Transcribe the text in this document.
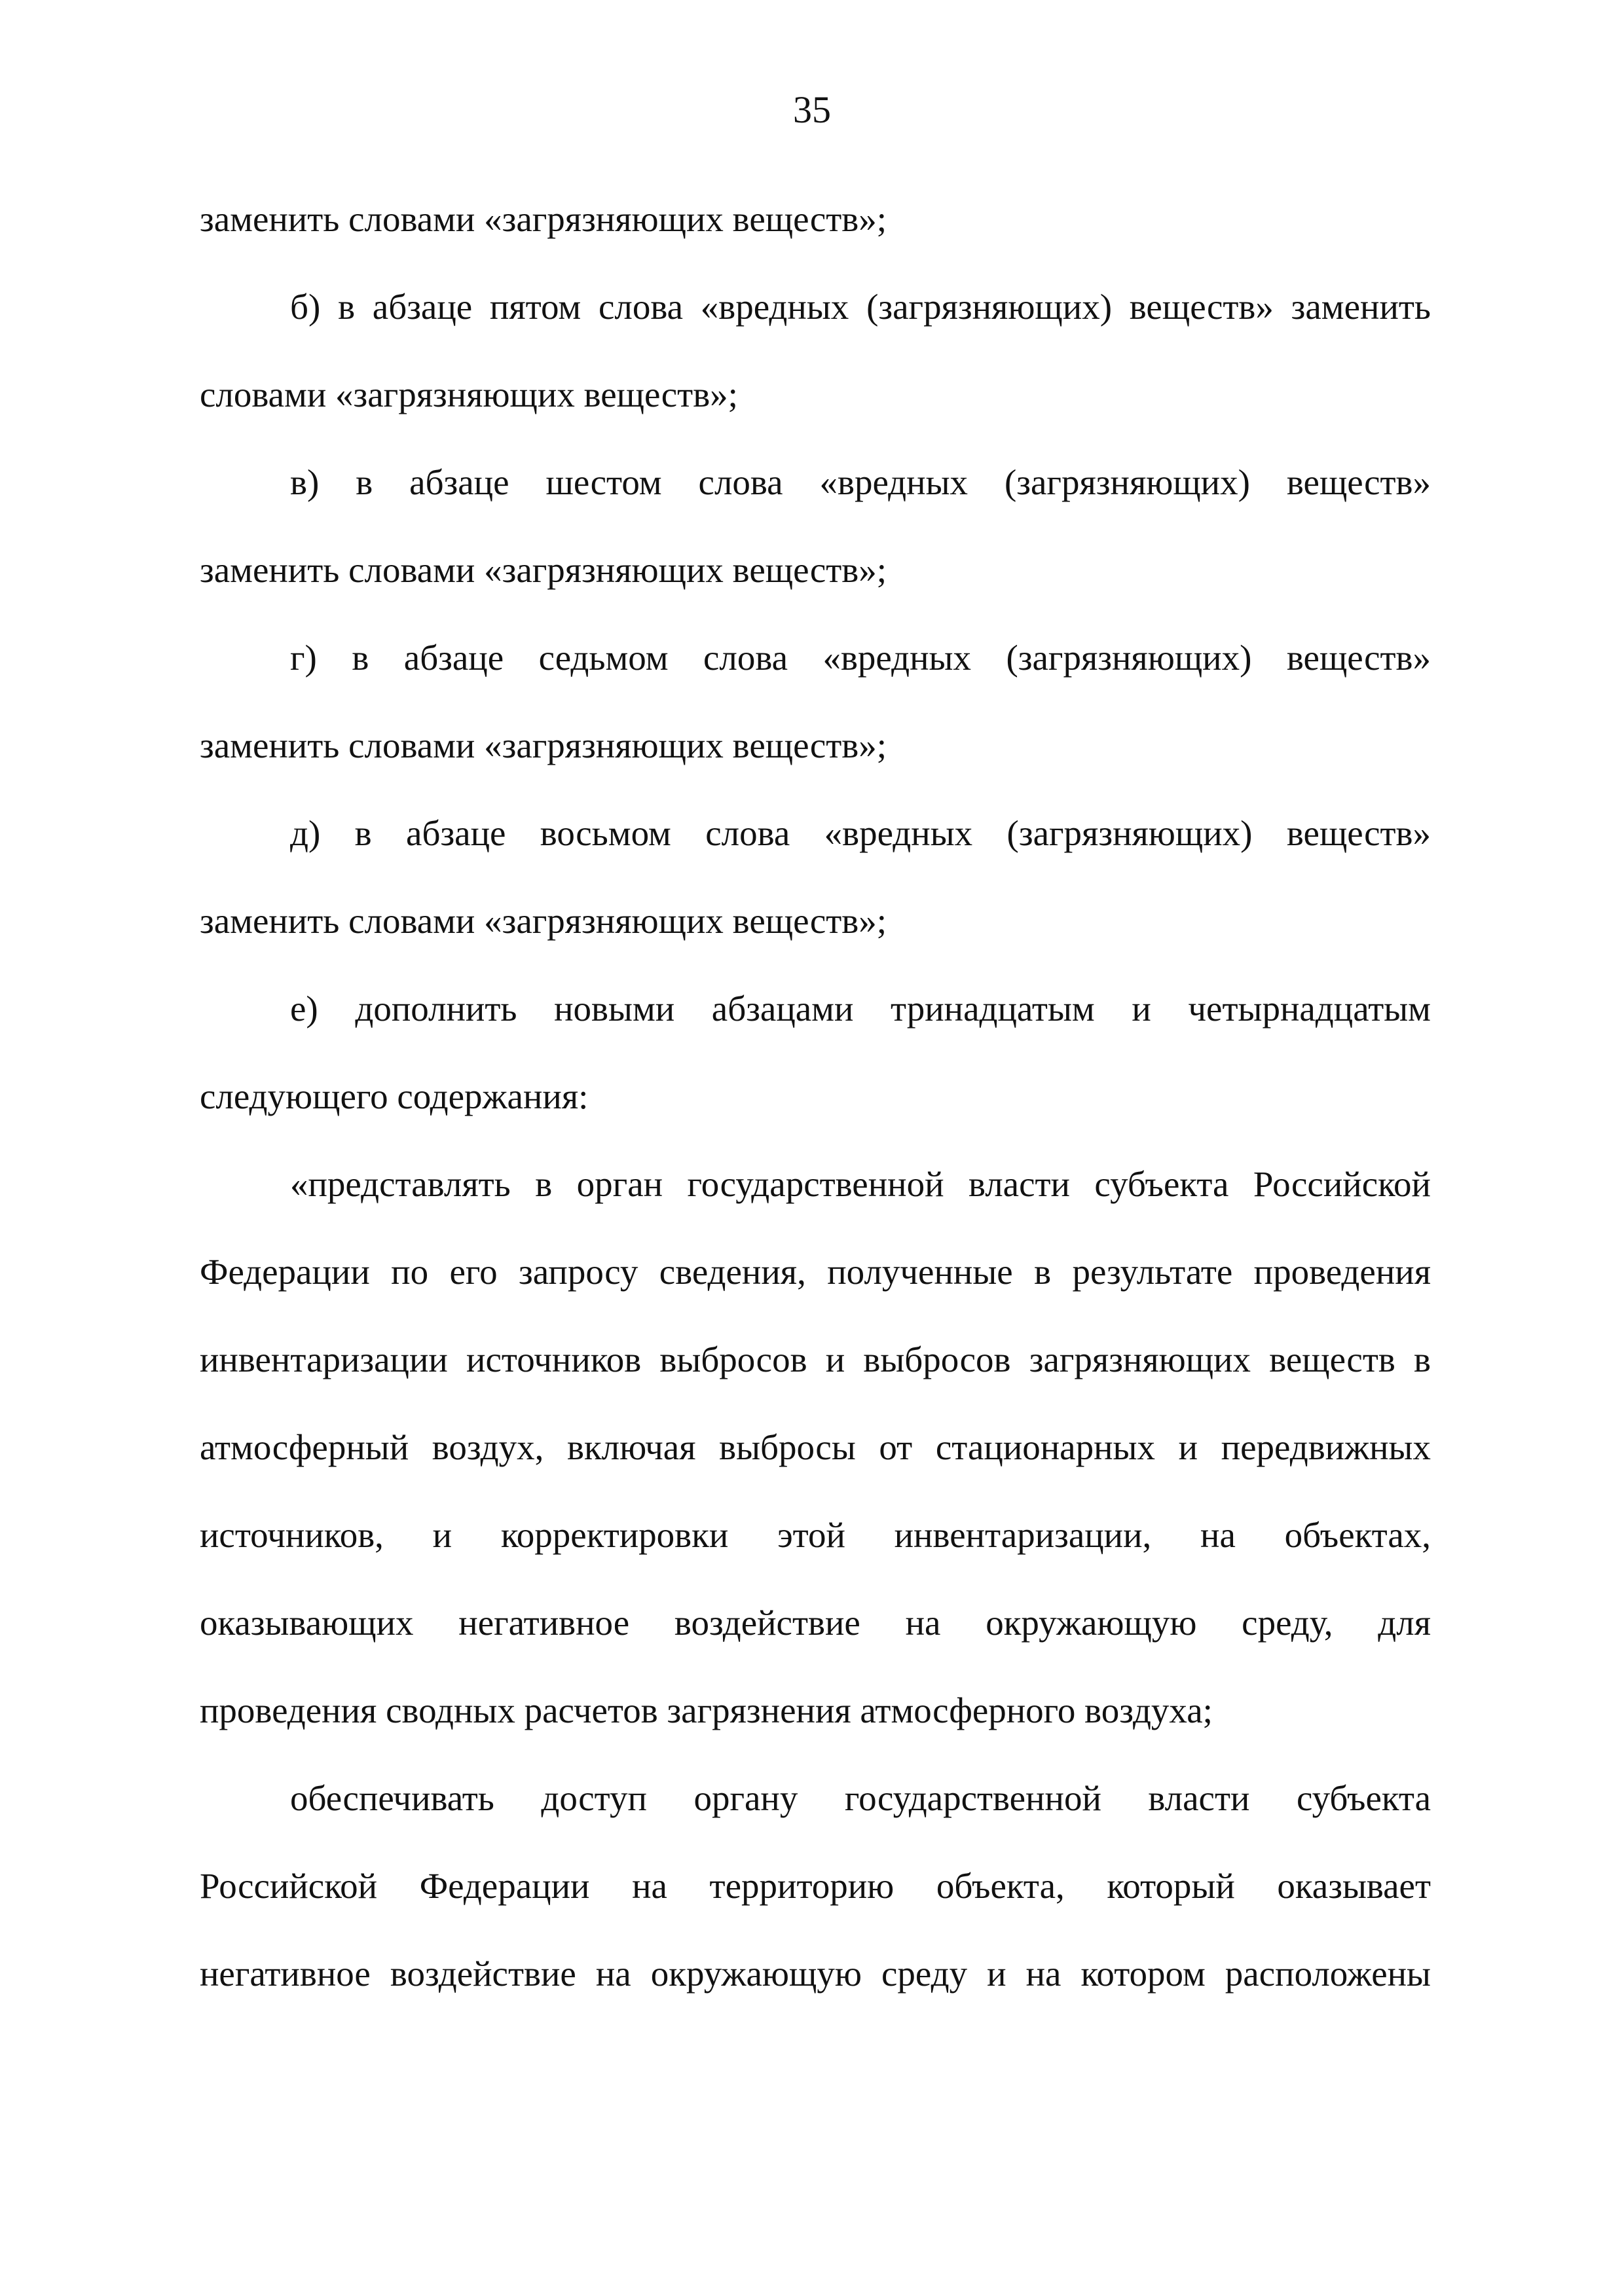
35

заменить словами «загрязняющих веществ»;
б) в абзаце пятом слова «вредных (загрязняющих) веществ» заменить
словами «загрязняющих веществ»;
в) в абзаце шестом слова «вредных (загрязняющих) веществ»
заменить словами «загрязняющих веществ»;
г) в абзаце седьмом слова «вредных (загрязняющих) веществ»
заменить словами «загрязняющих веществ»;
д) в абзаце восьмом слова «вредных (загрязняющих) веществ»
заменить словами «загрязняющих веществ»;
е) дополнить новыми абзацами тринадцатым и четырнадцатым
следующего содержания:
«представлять в орган государственной власти субъекта Российской
Федерации по его запросу сведения, полученные в результате проведения
инвентаризации источников выбросов и выбросов загрязняющих веществ в
атмосферный воздух, включая выбросы от стационарных и передвижных
источников, и корректировки этой инвентаризации, на объектах,
оказывающих негативное воздействие на окружающую среду, для
проведения сводных расчетов загрязнения атмосферного воздуха;
обеспечивать доступ органу государственной власти субъекта
Российской Федерации на территорию объекта, который оказывает
негативное воздействие на окружающую среду и на котором расположены
